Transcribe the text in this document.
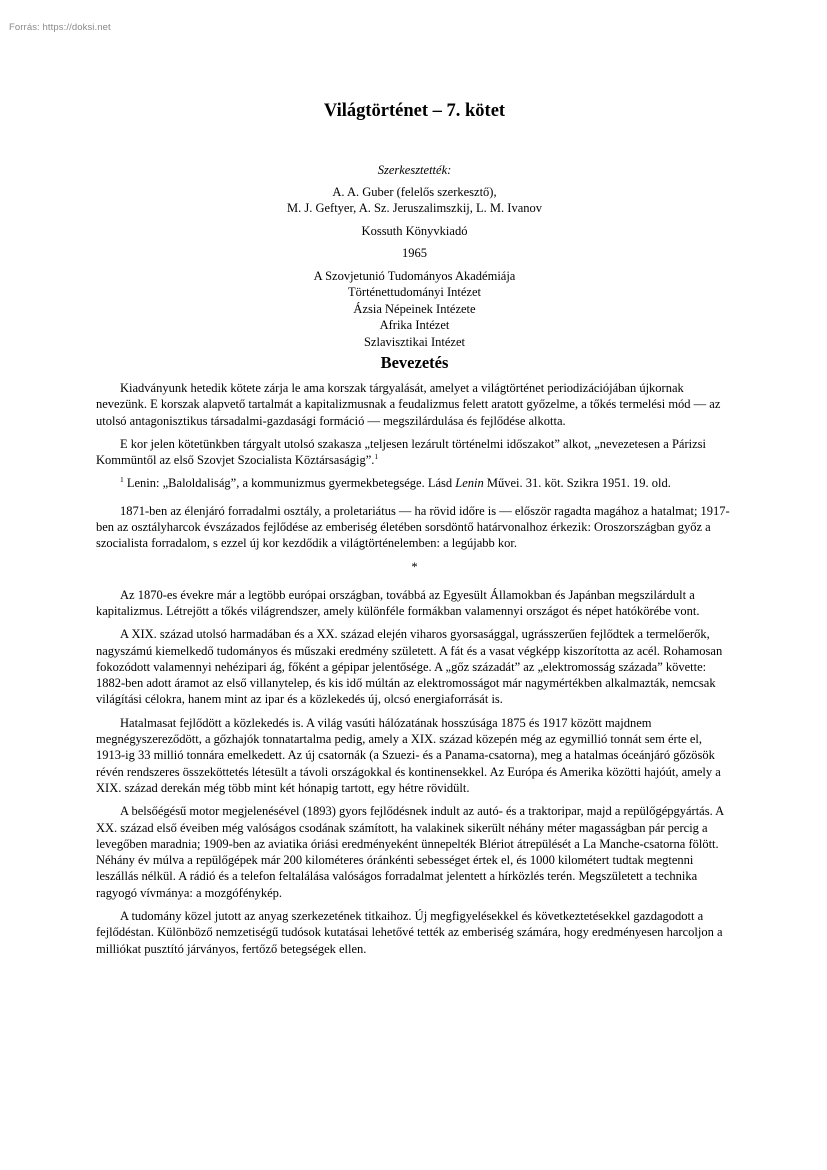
Forrás: https://doksi.net
Világtörténet – 7. kötet
Szerkesztették:
A. A. Guber (felelős szerkesztő),
M. J. Geftyer, A. Sz. Jeruszalimszkij, L. M. Ivanov
Kossuth Könyvkiadó
1965
A Szovjetunió Tudományos Akadémiája
Történettudományi Intézet
Ázsia Népeinek Intézete
Afrika Intézet
Szlavisztikai Intézet
Bevezetés

Kiadványunk hetedik kötete zárja le ama korszak tárgyalását, amelyet a világtörténet periodizációjában újkornak nevezünk. E korszak alapvető tartalmát a kapitalizmusnak a feudalizmus felett aratott győzelme, a tőkés termelési mód — az utolsó antagonisztikus társadalmi-gazdasági formáció — megszilárdulása és fejlődése alkotta.

E kor jelen kötetünkben tárgyalt utolsó szakasza „teljesen lezárult történelmi időszakot” alkot, „nevezetesen a Párizsi Kommüntől az első Szovjet Szocialista Köztársaságig”.$^1$

$^1$ Lenin: „Baloldaliság”, a kommunizmus gyermekbetegsége. Lásd Lenin Művei. 31. köt. Szikra 1951. 19. old.

1871-ben az élenjáró forradalmi osztály, a proletariátus — ha rövid időre is — először ragadta magához a hatalmat; 1917-ben az osztályharcok évszázados fejlődése az emberiség életében sorsdöntő határvonalhoz érkezik: Oroszországban győz a szocialista forradalom, s ezzel új kor kezdődik a világtörténelemben: a legújabb kor.

*

Az 1870-es évekre már a legtöbb európai országban, továbbá az Egyesült Államokban és Japánban megszilárdult a kapitalizmus. Létrejött a tőkés világrendszer, amely különféle formákban valamennyi országot és népet hatókörébe vont.

A XIX. század utolsó harmadában és a XX. század elején viharos gyorsasággal, ugrásszerűen fejlődtek a termelőerők, nagyszámú kiemelkedő tudományos és műszaki eredmény született. A fát és a vasat végképp kiszorította az acél. Rohamosan fokozódott valamennyi nehézipari ág, főként a gépipar jelentősége. A „gőz századát” az „elektromosság százada” követte: 1882-ben adott áramot az első villanytelep, és kis idő múltán az elektromosságot már nagymértékben alkalmazták, nemcsak világítási célokra, hanem mint az ipar és a közlekedés új, olcsó energiaforrását is.

Hatalmasat fejlődött a közlekedés is. A világ vasúti hálózatának hosszúsága 1875 és 1917 között majdnem megnégyszereződött, a gőzhajók tonnatartalma pedig, amely a XIX. század közepén még az egymillió tonnát sem érte el, 1913-ig 33 millió tonnára emelkedett. Az új csatornák (a Szuezi- és a Panama-csatorna), meg a hatalmas óceánjáró gőzösök révén rendszeres összeköttetés létesült a távoli országokkal és kontinensekkel. Az Európa és Amerika közötti hajóút, amely a XIX. század derekán még több mint két hónapig tartott, egy hétre rövidült.

A belsőégésű motor megjelenésével (1893) gyors fejlődésnek indult az autó- és a traktoripar, majd a repülőgépgyártás. A XX. század első éveiben még valóságos csodának számított, ha valakinek sikerült néhány méter magasságban pár percig a levegőben maradnia; 1909-ben az aviatika óriási eredményeként ünnepelték Blériot átrepülését a La Manche-csatorna fölött. Néhány év múlva a repülőgépek már 200 kilométeres óránkénti sebességet értek el, és 1000 kilométert tudtak megtenni leszállás nélkül. A rádió és a telefon feltalálása valóságos forradalmat jelentett a hírközlés terén. Megszületett a technika ragyogó vívmánya: a mozgófénykép.

A tudomány közel jutott az anyag szerkezetének titkaihoz. Új megfigyelésekkel és következtetésekkel gazdagodott a fejlődéstan. Különböző nemzetiségű tudósok kutatásai lehetővé tették az emberiség számára, hogy eredményesen harcoljon a milliókat pusztító járványos, fertőző betegségek ellen.
